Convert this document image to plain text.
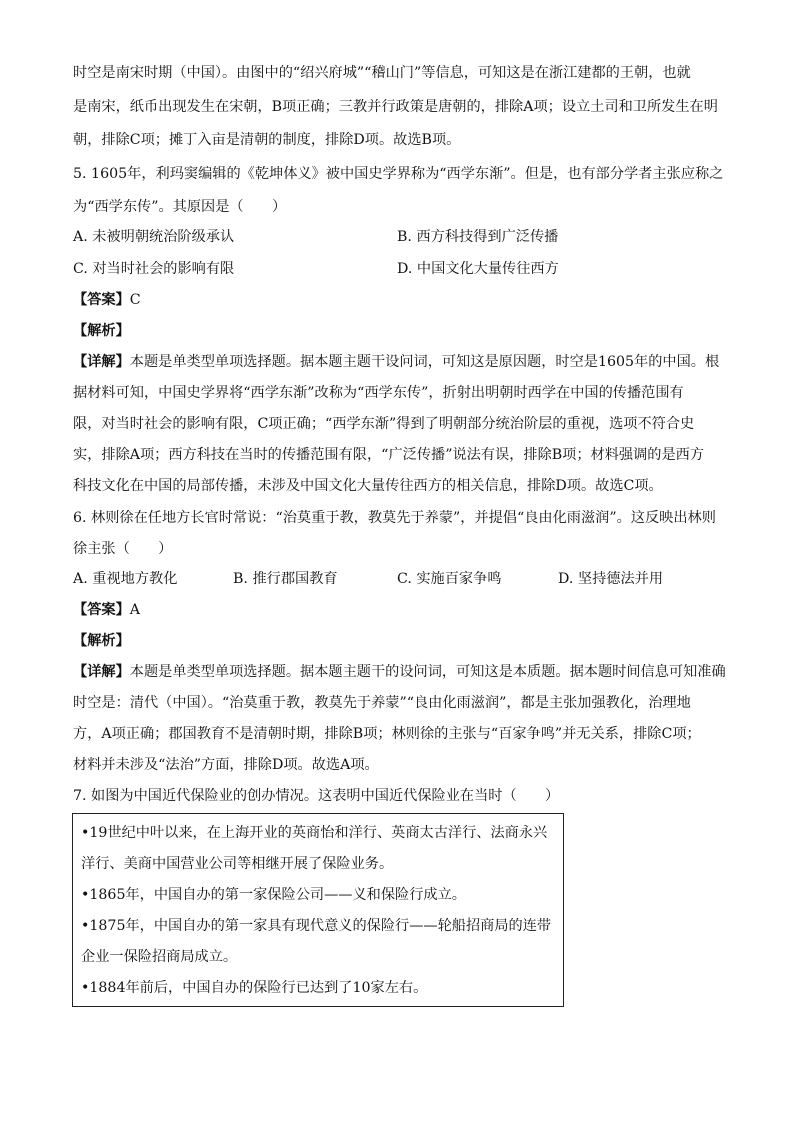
时空是南宋时期（中国）。由图中的“绍兴府城”“稽山门”等信息，可知这是在浙江建都的王朝，也就
是南宋，纸币出现发生在宋朝，B项正确；三教并行政策是唐朝的，排除A项；设立土司和卫所发生在明
朝，排除C项；摊丁入亩是清朝的制度，排除D项。故选B项。
5. 1605年，利玛窦编辑的《乾坤体义》被中国史学界称为“西学东渐”。但是，也有部分学者主张应称之
为“西学东传”。其原因是（　　）
A. 未被明朝统治阶级承认	B. 西方科技得到广泛传播
C. 对当时社会的影响有限	D. 中国文化大量传往西方
【答案】C
【解析】
【详解】本题是单类型单项选择题。据本题主题干设问词，可知这是原因题，时空是1605年的中国。根
据材料可知，中国史学界将“西学东渐”改称为“西学东传”，折射出明朝时西学在中国的传播范围有
限，对当时社会的影响有限，C项正确；“西学东渐”得到了明朝部分统治阶层的重视，选项不符合史
实，排除A项；西方科技在当时的传播范围有限，“广泛传播”说法有误，排除B项；材料强调的是西方
科技文化在中国的局部传播，未涉及中国文化大量传往西方的相关信息，排除D项。故选C项。
6. 林则徐在任地方长官时常说：“治莫重于教，教莫先于养蒙”，并提倡“良由化雨滋润”。这反映出林则
徐主张（　　）
A. 重视地方教化	B. 推行郡国教育	C. 实施百家争鸣	D. 坚持德法并用
【答案】A
【解析】
【详解】本题是单类型单项选择题。据本题主题干的设问词，可知这是本质题。据本题时间信息可知准确
时空是：清代（中国）。“治莫重于教，教莫先于养蒙”“良由化雨滋润”，都是主张加强教化，治理地
方，A项正确；郡国教育不是清朝时期，排除B项；林则徐的主张与“百家争鸣”并无关系，排除C项；
材料并未涉及“法治”方面，排除D项。故选A项。
7. 如图为中国近代保险业的创办情况。这表明中国近代保险业在当时（　　）
•19世纪中叶以来，在上海开业的英商怡和洋行、英商太古洋行、法商永兴
洋行、美商中国营业公司等相继开展了保险业务。
•1865年，中国自办的第一家保险公司——义和保险行成立。
•1875年，中国自办的第一家具有现代意义的保险行——轮船招商局的连带
企业一保险招商局成立。
•1884年前后，中国自办的保险行已达到了10家左右。
